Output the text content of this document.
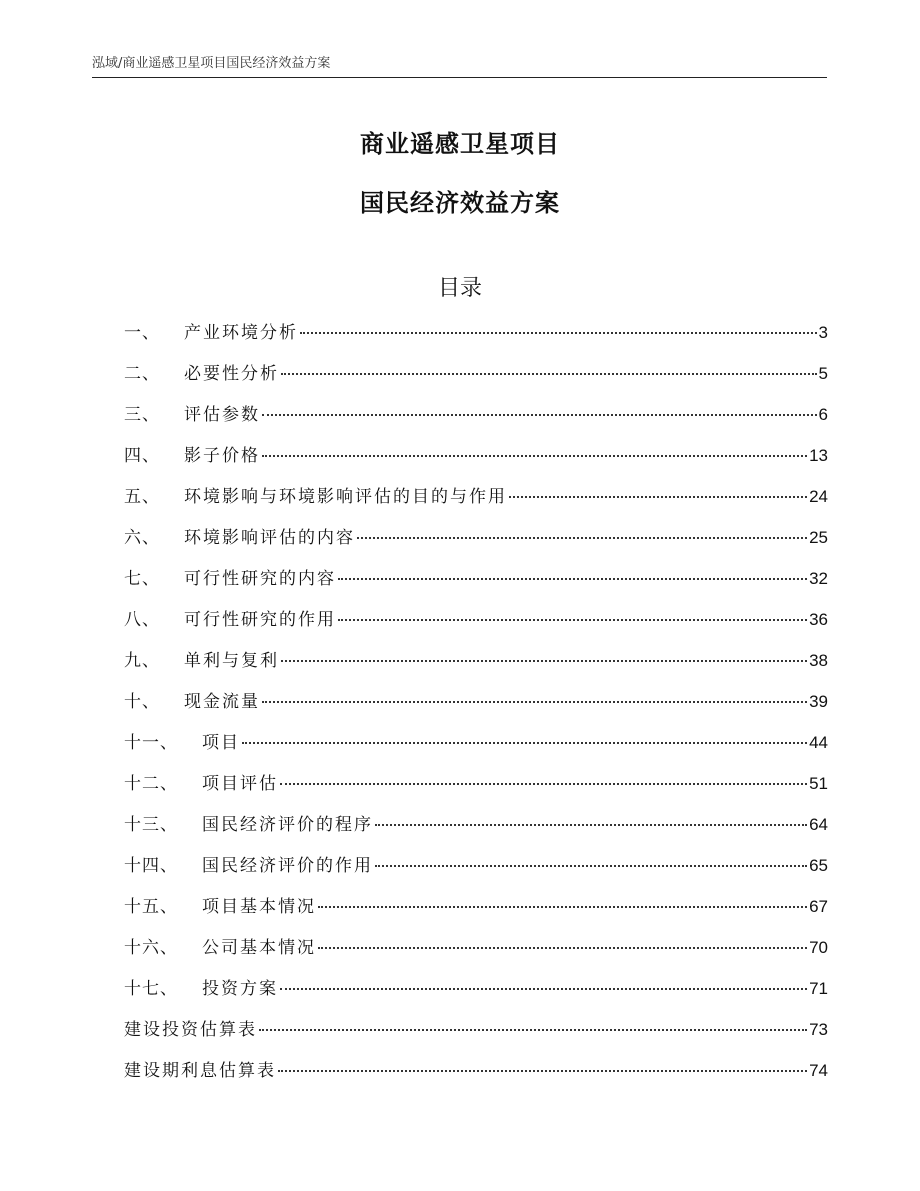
泓域/商业遥感卫星项目国民经济效益方案
商业遥感卫星项目
国民经济效益方案
目录
一、 产业环境分析	3
二、 必要性分析	5
三、 评估参数	6
四、 影子价格	13
五、 环境影响与环境影响评估的目的与作用	24
六、 环境影响评估的内容	25
七、 可行性研究的内容	32
八、 可行性研究的作用	36
九、 单利与复利	38
十、 现金流量	39
十一、 项目	44
十二、 项目评估	51
十三、 国民经济评价的程序	64
十四、 国民经济评价的作用	65
十五、 项目基本情况	67
十六、 公司基本情况	70
十七、 投资方案	71
建设投资估算表	73
建设期利息估算表	74
